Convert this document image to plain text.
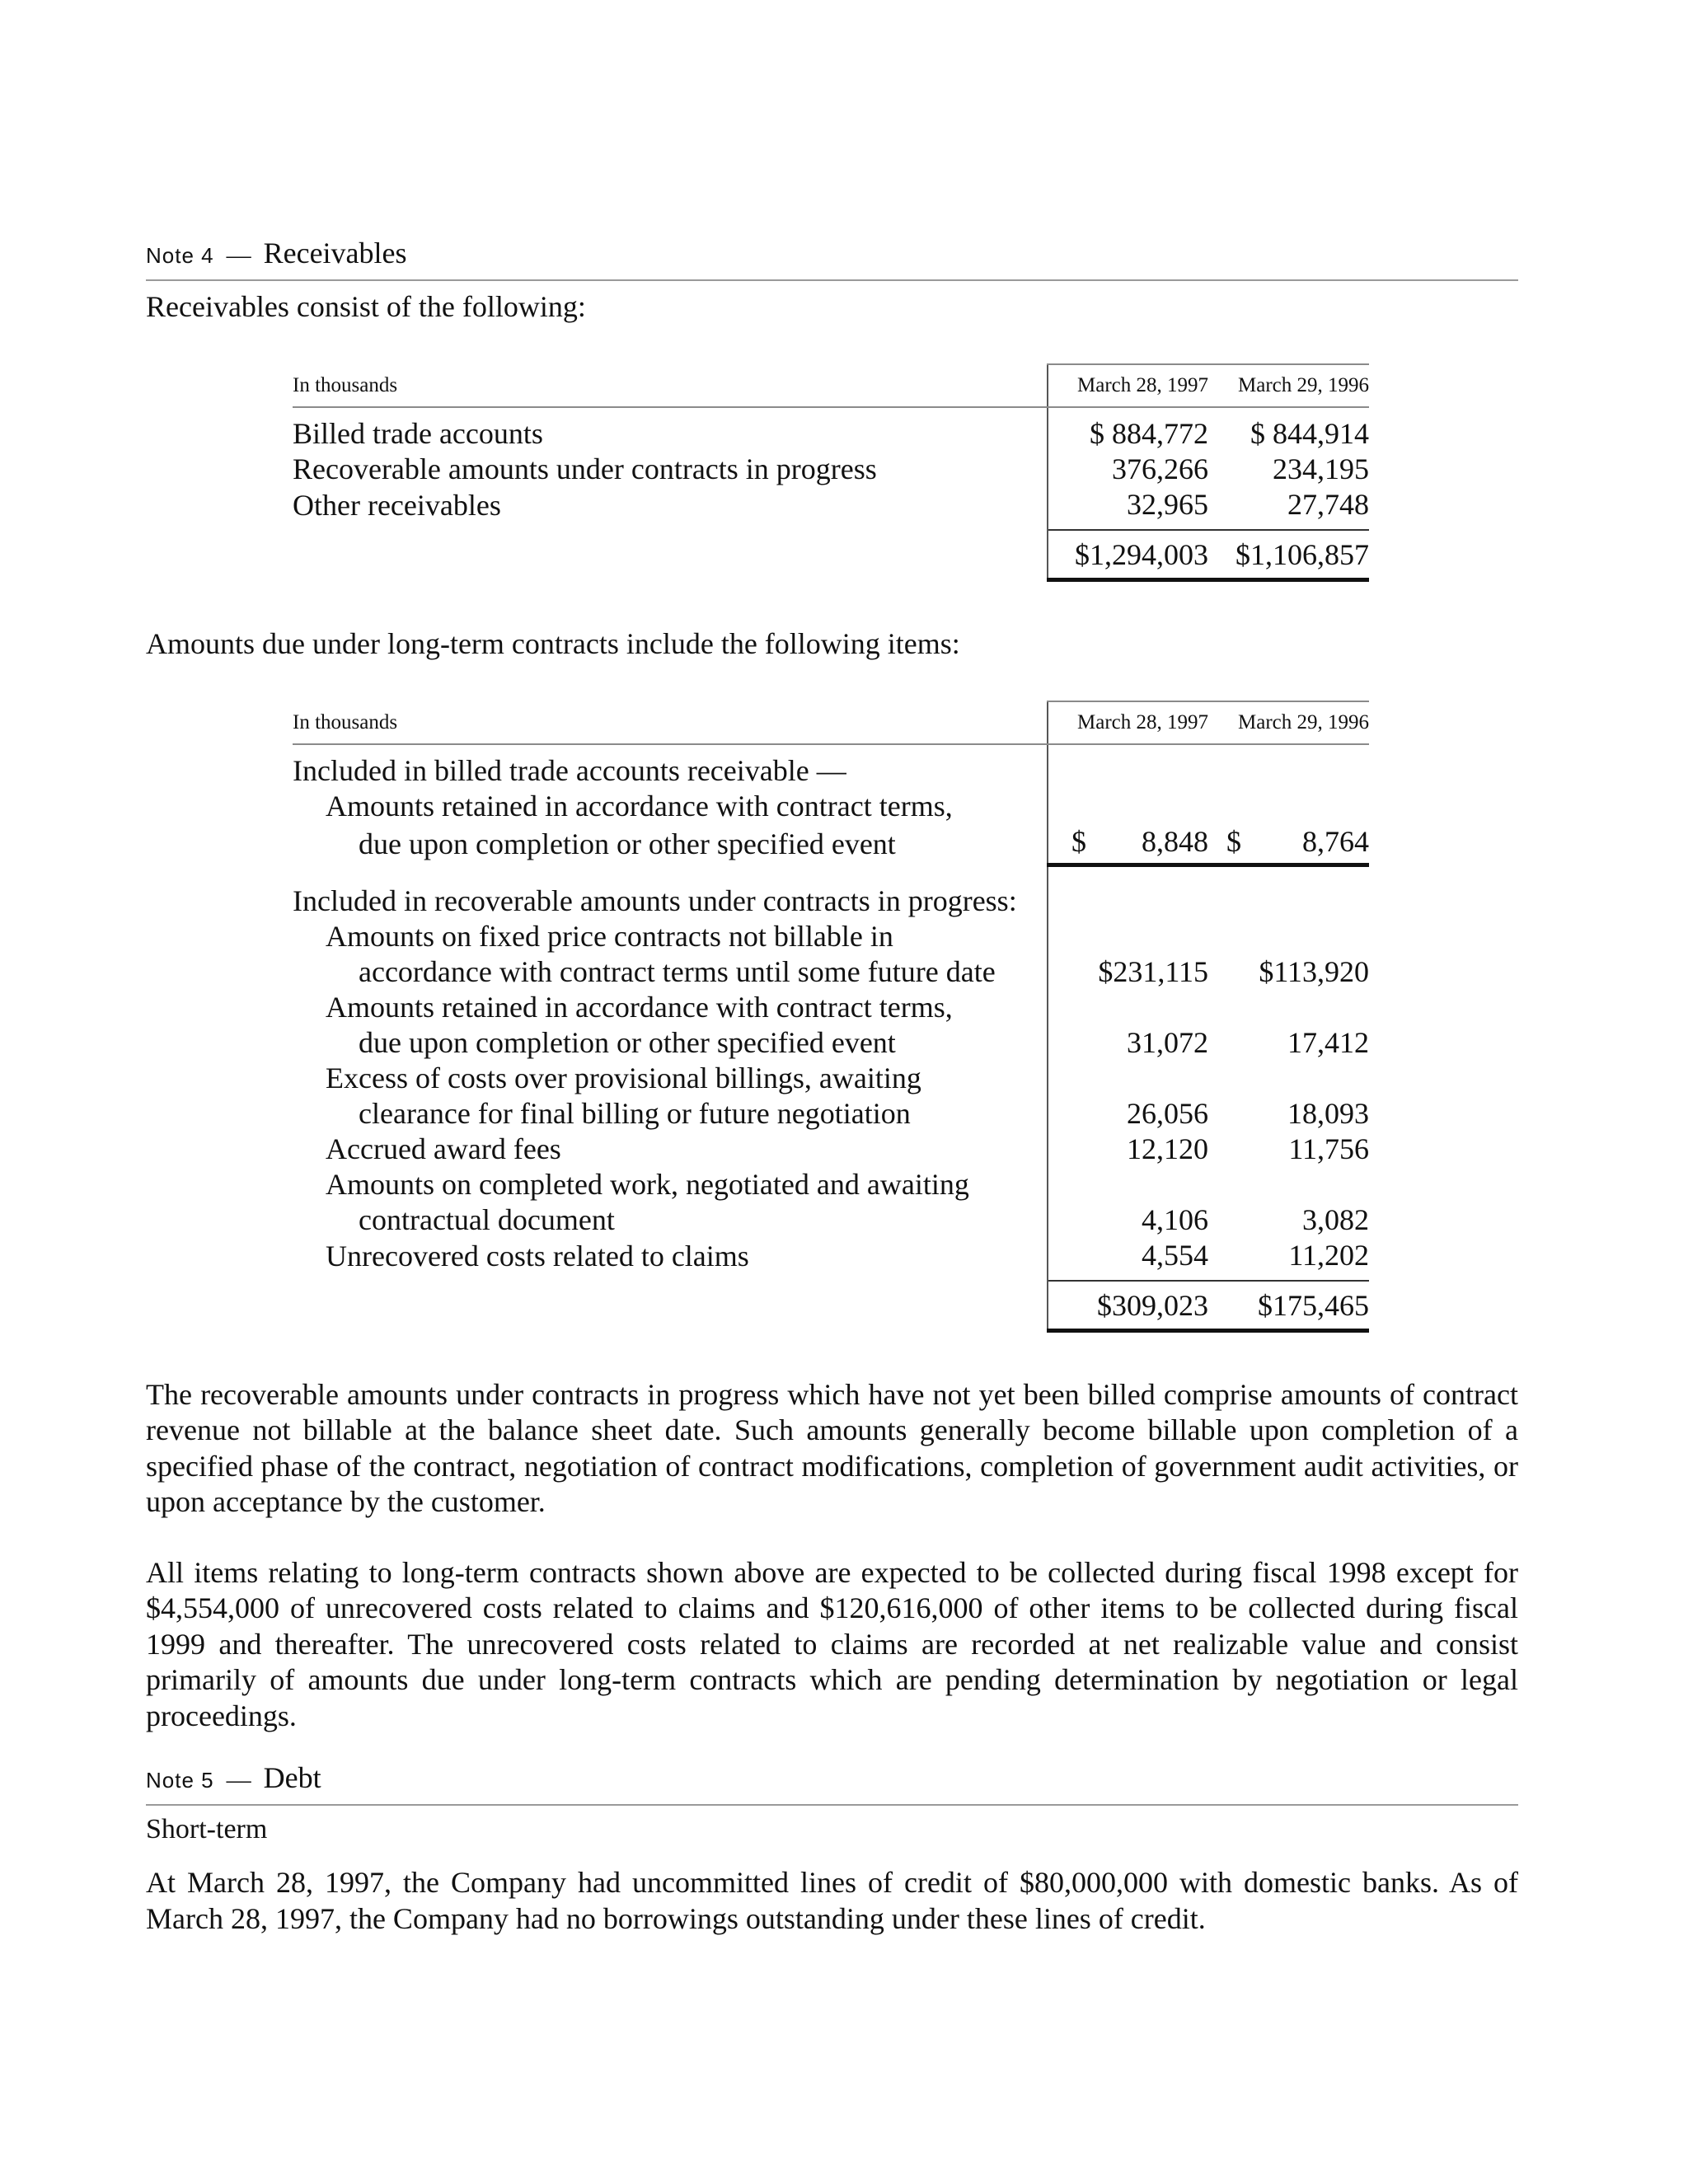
Note 4 — Receivables

Receivables consist of the following:

In thousands	March 28, 1997	March 29, 1996
Billed trade accounts	$ 884,772	$ 844,914
Recoverable amounts under contracts in progress	376,266	234,195
Other receivables	32,965	27,748
	$1,294,003	$1,106,857

Amounts due under long-term contracts include the following items:

In thousands	March 28, 1997	March 29, 1996
Included in billed trade accounts receivable —		
Amounts retained in accordance with contract terms,		
due upon completion or other specified event	$ 8,848	$ 8,764
Included in recoverable amounts under contracts in progress:		
Amounts on fixed price contracts not billable in		
accordance with contract terms until some future date	$231,115	$113,920
Amounts retained in accordance with contract terms,		
due upon completion or other specified event	31,072	17,412
Excess of costs over provisional billings, awaiting		
clearance for final billing or future negotiation	26,056	18,093
Accrued award fees	12,120	11,756
Amounts on completed work, negotiated and awaiting		
contractual document	4,106	3,082
Unrecovered costs related to claims	4,554	11,202
	$309,023	$175,465

The recoverable amounts under contracts in progress which have not yet been billed comprise amounts of contract revenue not billable at the balance sheet date. Such amounts generally become billable upon completion of a specified phase of the contract, negotiation of contract modifications, completion of government audit activities, or upon acceptance by the customer.

All items relating to long-term contracts shown above are expected to be collected during fiscal 1998 except for $4,554,000 of unrecovered costs related to claims and $120,616,000 of other items to be collected during fiscal 1999 and thereafter. The unrecovered costs related to claims are recorded at net realizable value and consist primarily of amounts due under long-term contracts which are pending determination by negotiation or legal proceedings.

Note 5 — Debt
Short-term

At March 28, 1997, the Company had uncommitted lines of credit of $80,000,000 with domestic banks. As of March 28, 1997, the Company had no borrowings outstanding under these lines of credit.
